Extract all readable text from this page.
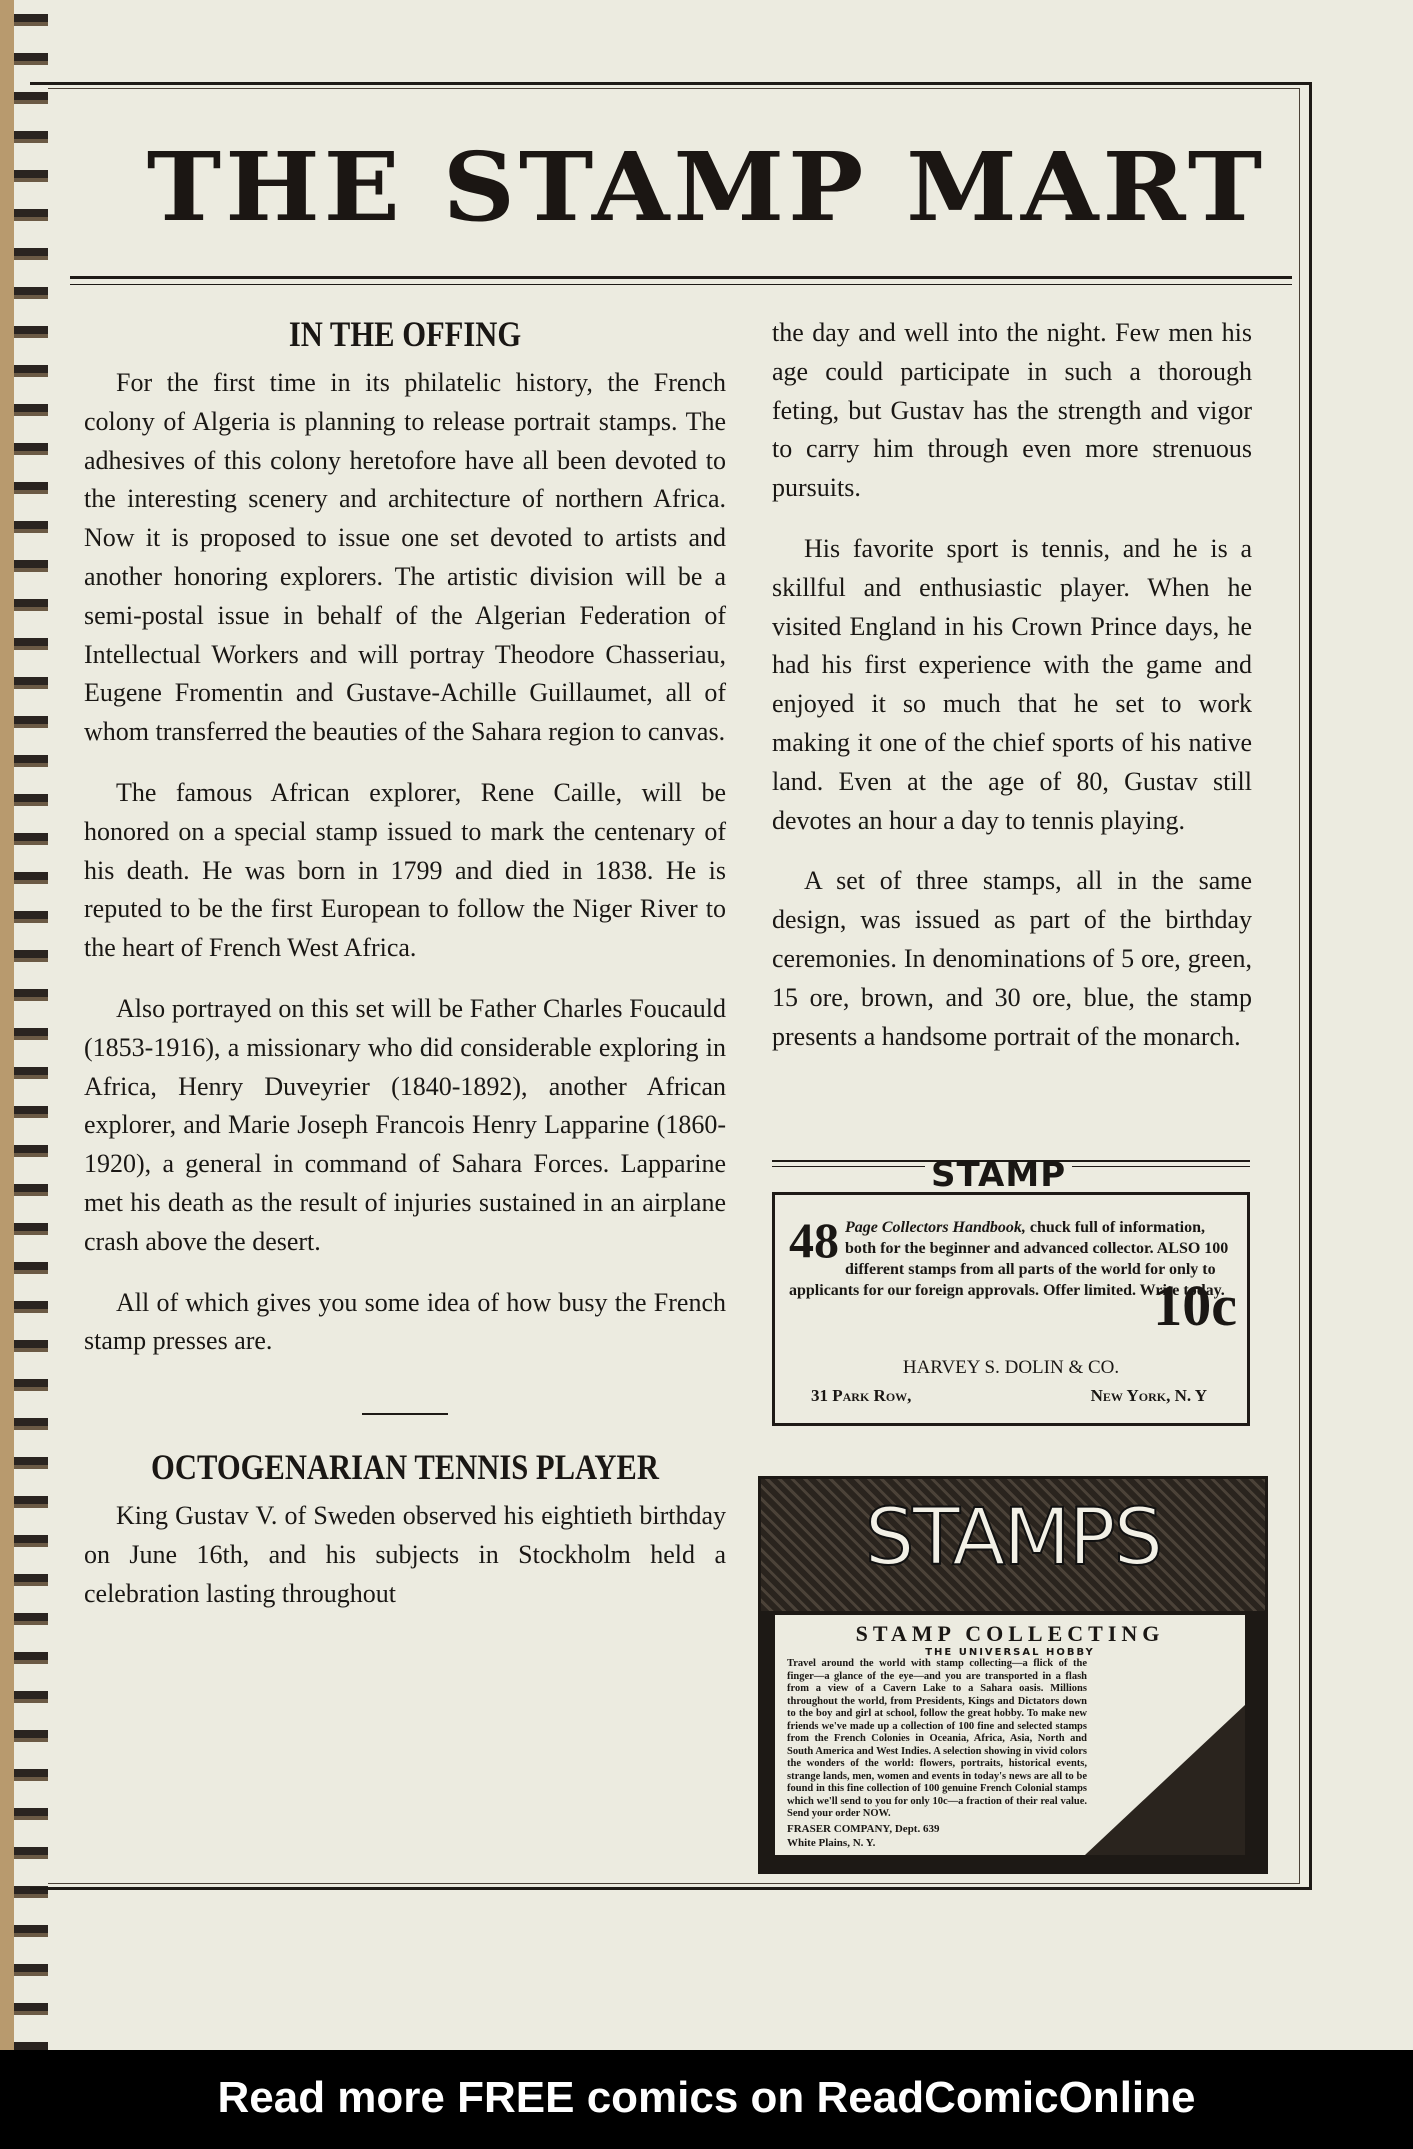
THE STAMP MART
IN THE OFFING

For the first time in its philatelic history, the French colony of Algeria is planning to release portrait stamps. The adhesives of this colony heretofore have all been devoted to the interesting scenery and architecture of northern Africa. Now it is proposed to issue one set devoted to artists and another honoring explorers. The artistic division will be a semi-postal issue in behalf of the Algerian Federation of Intellectual Workers and will portray Theodore Chasseriau, Eugene Fromentin and Gustave-Achille Guillaumet, all of whom transferred the beauties of the Sahara region to canvas.

The famous African explorer, Rene Caille, will be honored on a special stamp issued to mark the centenary of his death. He was born in 1799 and died in 1838. He is reputed to be the first European to follow the Niger River to the heart of French West Africa.

Also portrayed on this set will be Father Charles Foucauld (1853-1916), a missionary who did considerable exploring in Africa, Henry Duveyrier (1840-1892), another African explorer, and Marie Joseph Francois Henry Lapparine (1860-1920), a general in command of Sahara Forces. Lapparine met his death as the result of injuries sustained in an airplane crash above the desert.

All of which gives you some idea of how busy the French stamp presses are.

OCTOGENARIAN TENNIS PLAYER

King Gustav V. of Sweden observed his eightieth birthday on June 16th, and his subjects in Stockholm held a celebration lasting throughout

the day and well into the night. Few men his age could participate in such a thorough feting, but Gustav has the strength and vigor to carry him through even more strenuous pursuits.

His favorite sport is tennis, and he is a skillful and enthusiastic player. When he visited England in his Crown Prince days, he had his first experience with the game and enjoyed it so much that he set to work making it one of the chief sports of his native land. Even at the age of 80, Gustav still devotes an hour a day to tennis playing.

A set of three stamps, all in the same design, was issued as part of the birthday ceremonies. In denominations of 5 ore, green, 15 ore, brown, and 30 ore, blue, the stamp presents a handsome portrait of the monarch.

STAMP
48 Page Collectors Handbook, chuck full of information, both for the beginner and advanced collector. ALSO 100 different stamps from all parts of the world for only to applicants for our foreign approvals. Offer limited. Write today.
10c
HARVEY S. DOLIN & CO.
31 Park Row,	New York, N. Y
STAMPS
STAMP COLLECTING
THE UNIVERSAL HOBBY
Travel around the world with stamp collecting—a flick of the finger—a glance of the eye—and you are transported in a flash from a view of a Cavern Lake to a Sahara oasis. Millions throughout the world, from Presidents, Kings and Dictators down to the boy and girl at school, follow the great hobby. To make new friends we've made up a collection of 100 fine and selected stamps from the French Colonies in Oceania, Africa, Asia, North and South America and West Indies. A selection showing in vivid colors the wonders of the world: flowers, portraits, historical events, strange lands, men, women and events in today's news are all to be found in this fine collection of 100 genuine French Colonial stamps which we'll send to you for only 10c—a fraction of their real value. Send your order NOW.
FRASER COMPANY, Dept. 639
White Plains, N. Y.
Read more FREE comics on ReadComicOnline
